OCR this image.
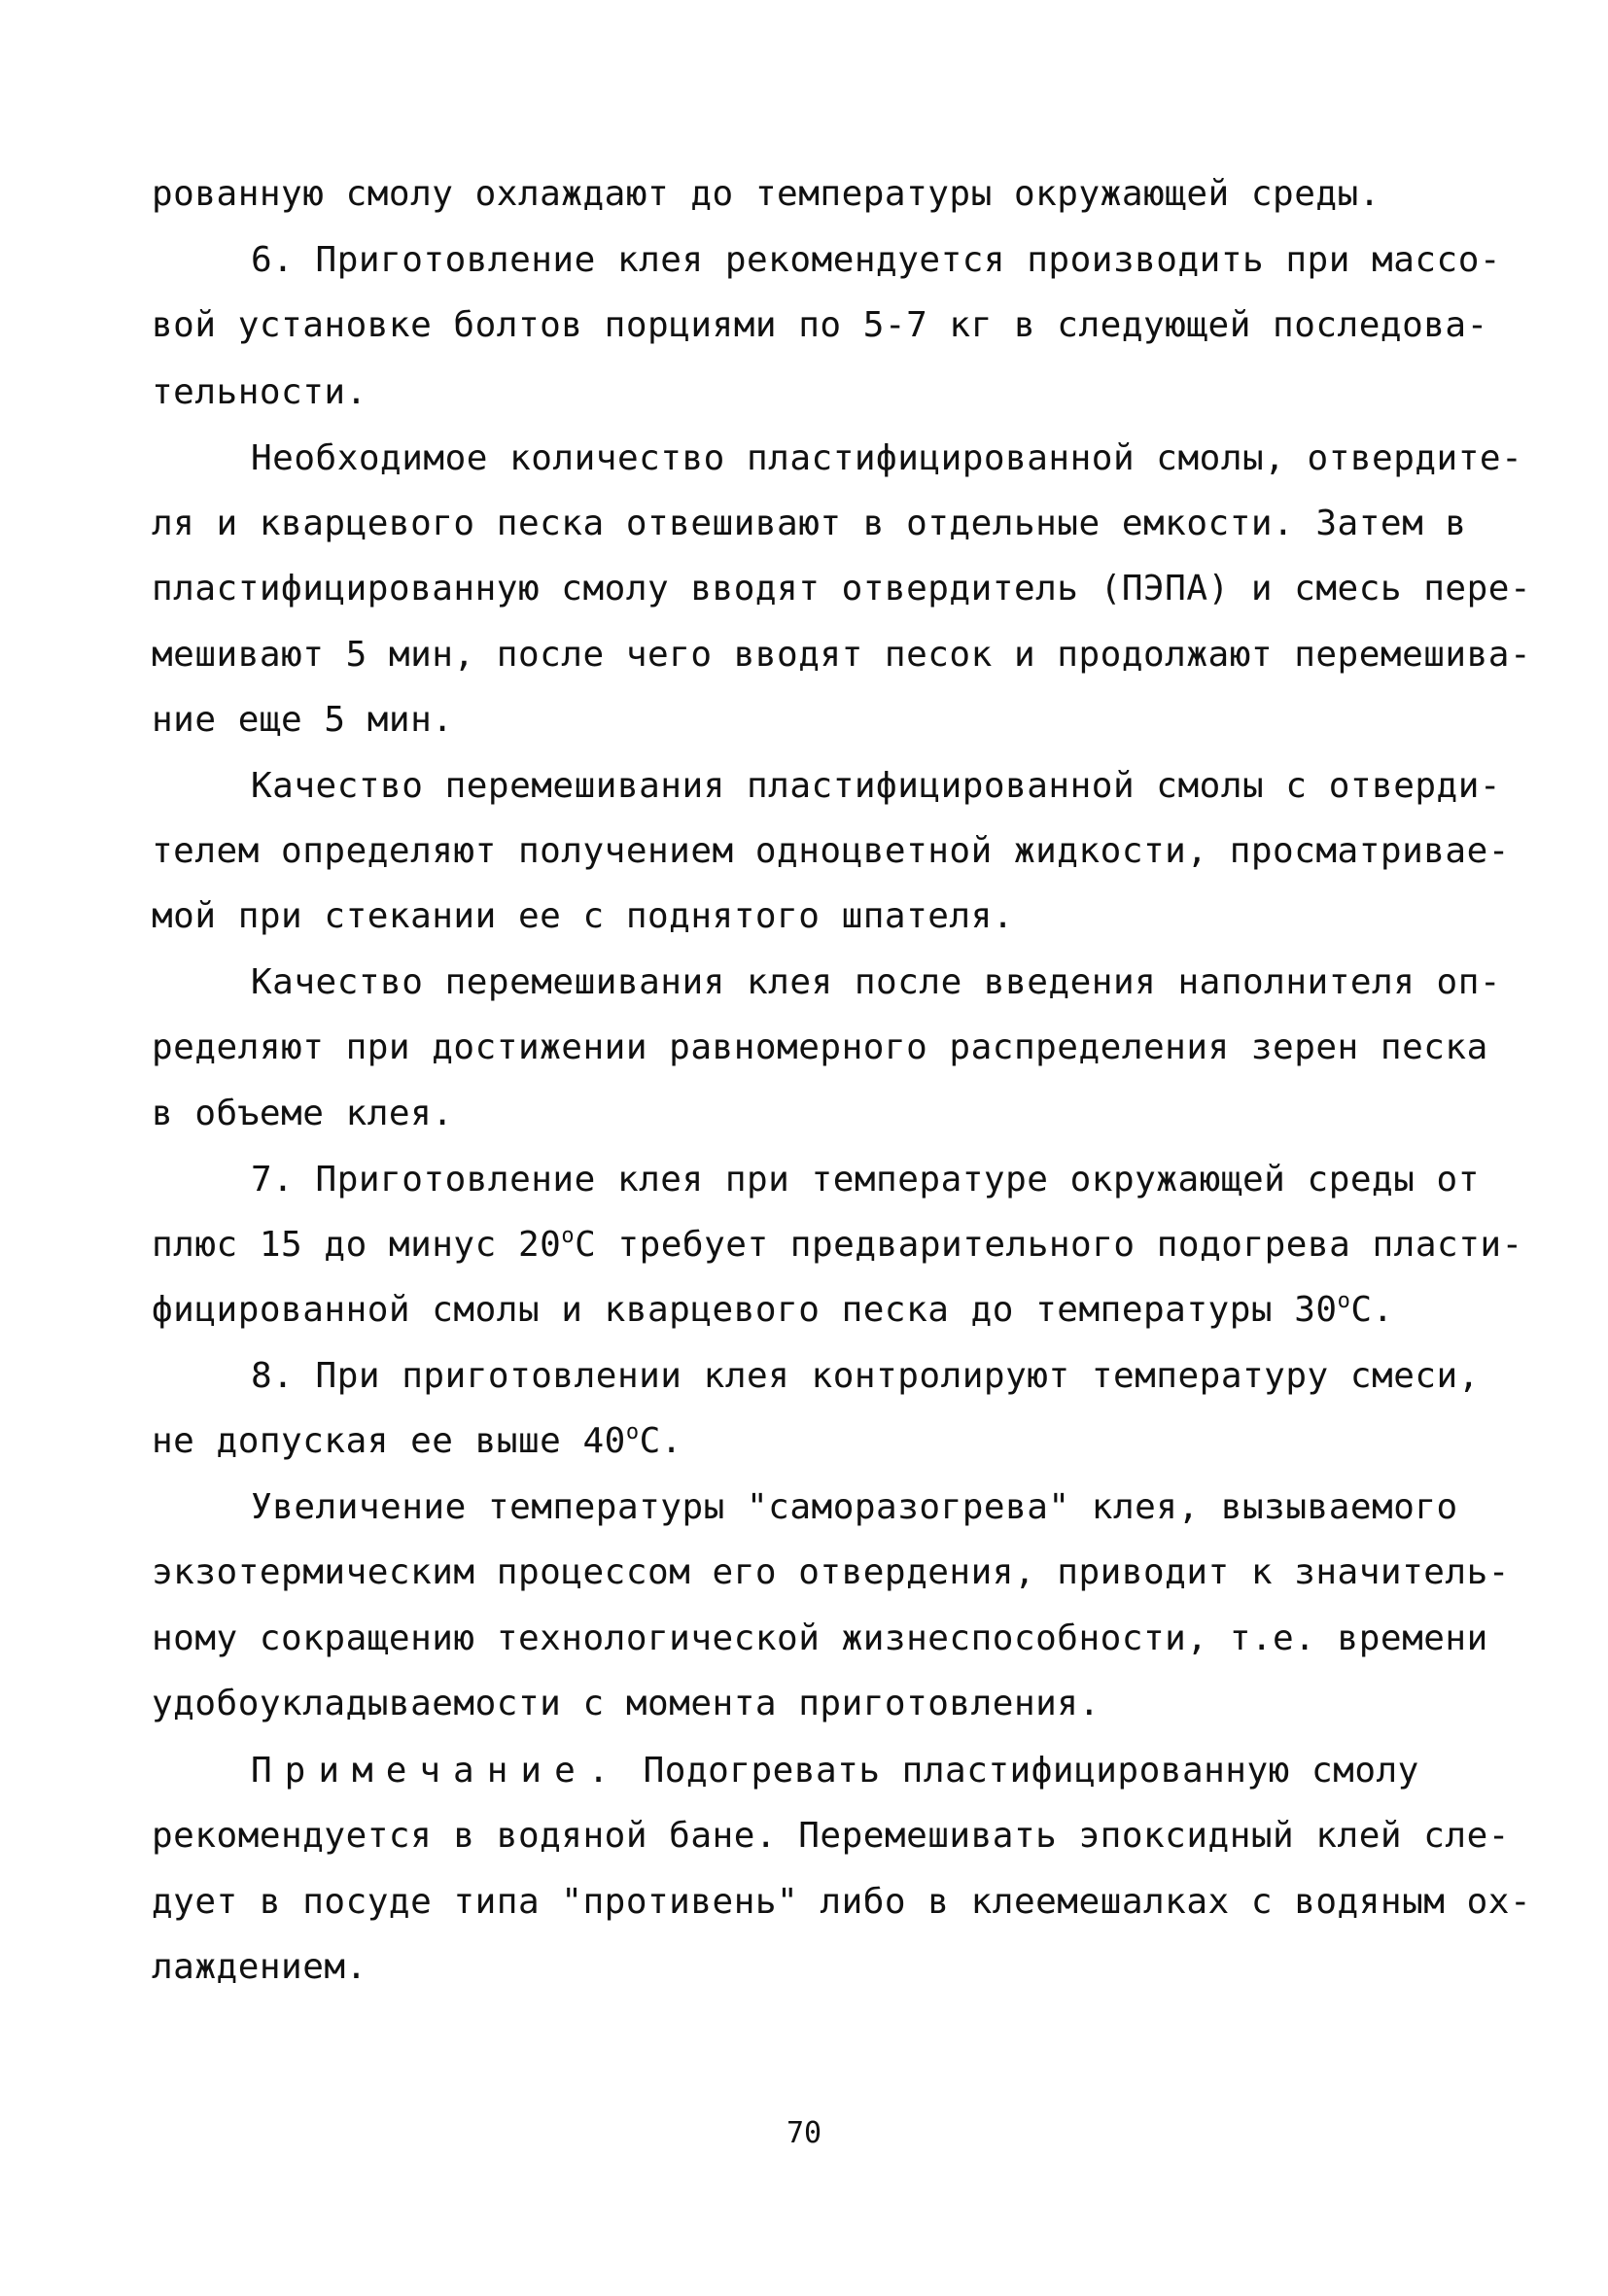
рованную смолу охлаждают до температуры окружающей среды.
6. Приготовление клея рекомендуется производить при массо-
вой установке болтов порциями по 5-7 кг в следующей последова-
тельности.
Необходимое количество пластифицированной смолы, отвердите-
ля и кварцевого песка отвешивают в отдельные емкости. Затем в
пластифицированную смолу вводят отвердитель (ПЭПА) и смесь пере-
мешивают 5 мин, после чего вводят песок и продолжают перемешива-
ние еще 5 мин.
Качество перемешивания пластифицированной смолы с отверди-
телем определяют получением одноцветной жидкости, просматривае-
мой при стекании ее с поднятого шпателя.
Качество перемешивания клея после введения наполнителя оп-
ределяют при достижении равномерного распределения зерен песка
в объеме клея.
7. Приготовление клея при температуре окружающей среды от
плюс 15 до минус 20$^o$C требует предварительного подогрева пласти-
фицированной смолы и кварцевого песка до температуры 30$^o$C.
8. При приготовлении клея контролируют температуру смеси,
не допуская ее выше 40$^o$C.
Увеличение температуры "саморазогрева" клея, вызываемого
экзотермическим процессом его отвердения, приводит к значитель-
ному сокращению технологической жизнеспособности, т.е. времени
удобоукладываемости с момента приготовления.
Примечание. Подогревать пластифицированную смолу
рекомендуется в водяной бане. Перемешивать эпоксидный клей сле-
дует в посуде типа "противень" либо в клеемешалках с водяным ох-
лаждением.
70
